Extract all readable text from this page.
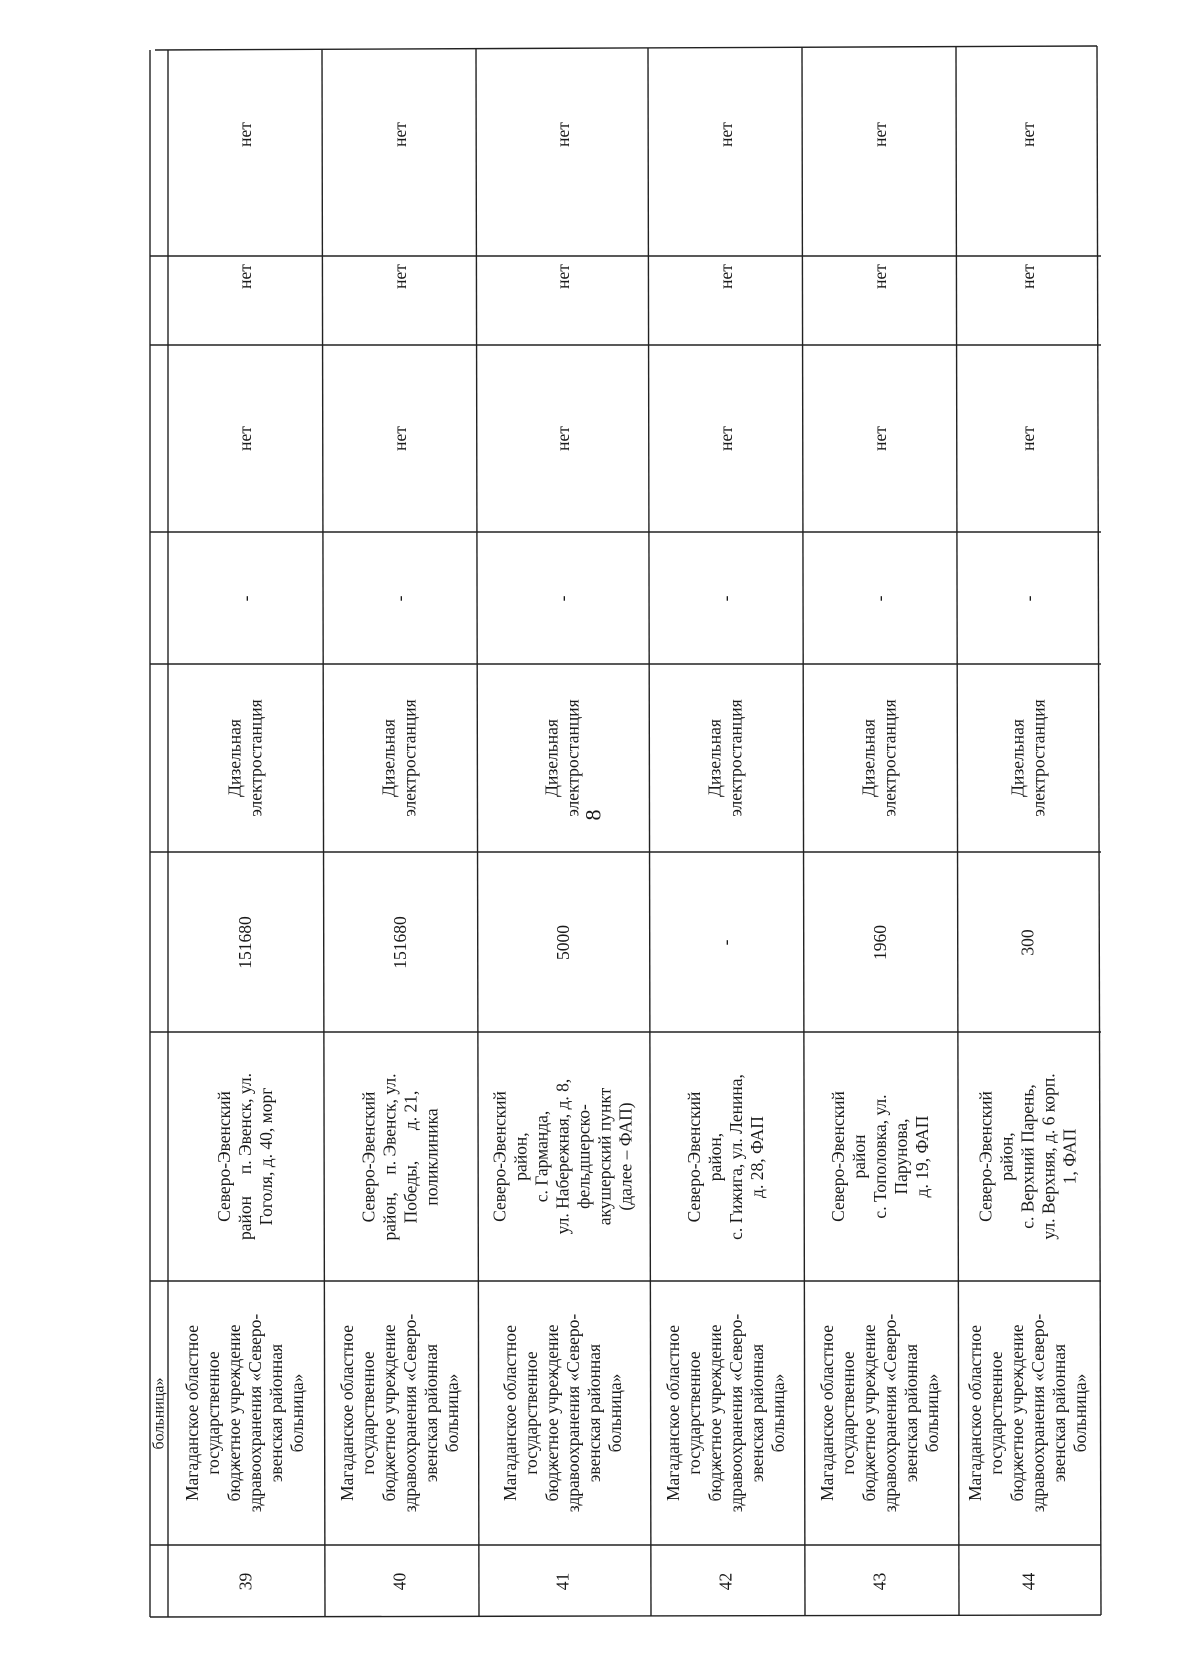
8
больница»
39
Магаданское областное государственное бюджетное учреждение здравоохранения «Северо- эвенская районная больница»
Северо-Эвенский район     п. Эвенск, ул. Гоголя, д. 40, морг
151680
Дизельная электростанция
-
нет
нет
нет
40
Магаданское областное государственное бюджетное учреждение здравоохранения «Северо- эвенская районная больница»
Северо-Эвенский район,    п. Эвенск, ул. Победы,       д. 21, поликлиника
151680
Дизельная электростанция
-
нет
нет
нет
41
Магаданское областное государственное бюджетное учреждение здравоохранения «Северо- эвенская районная больница»
Северо-Эвенский район, с. Гарманда, ул. Набережная, д. 8, фельдшерско- акушерский пункт (далее – ФАП)
5000
Дизельная электростанция
-
нет
нет
нет
42
Магаданское областное государственное бюджетное учреждение здравоохранения «Северо- эвенская районная больница»
Северо-Эвенский район, с. Гижига, ул. Ленина, д. 28, ФАП
-
Дизельная электростанция
-
нет
нет
нет
43
Магаданское областное государственное бюджетное учреждение здравоохранения «Северо- эвенская районная больница»
Северо-Эвенский район с. Тополовка, ул. Парунова, д. 19, ФАП
1960
Дизельная электростанция
-
нет
нет
нет
44
Магаданское областное государственное бюджетное учреждение здравоохранения «Северо- эвенская районная больница»
Северо-Эвенский район, с. Верхний Парень, ул. Верхняя, д. 6 корп. 1, ФАП
300
Дизельная электростанция
-
нет
нет
нет
